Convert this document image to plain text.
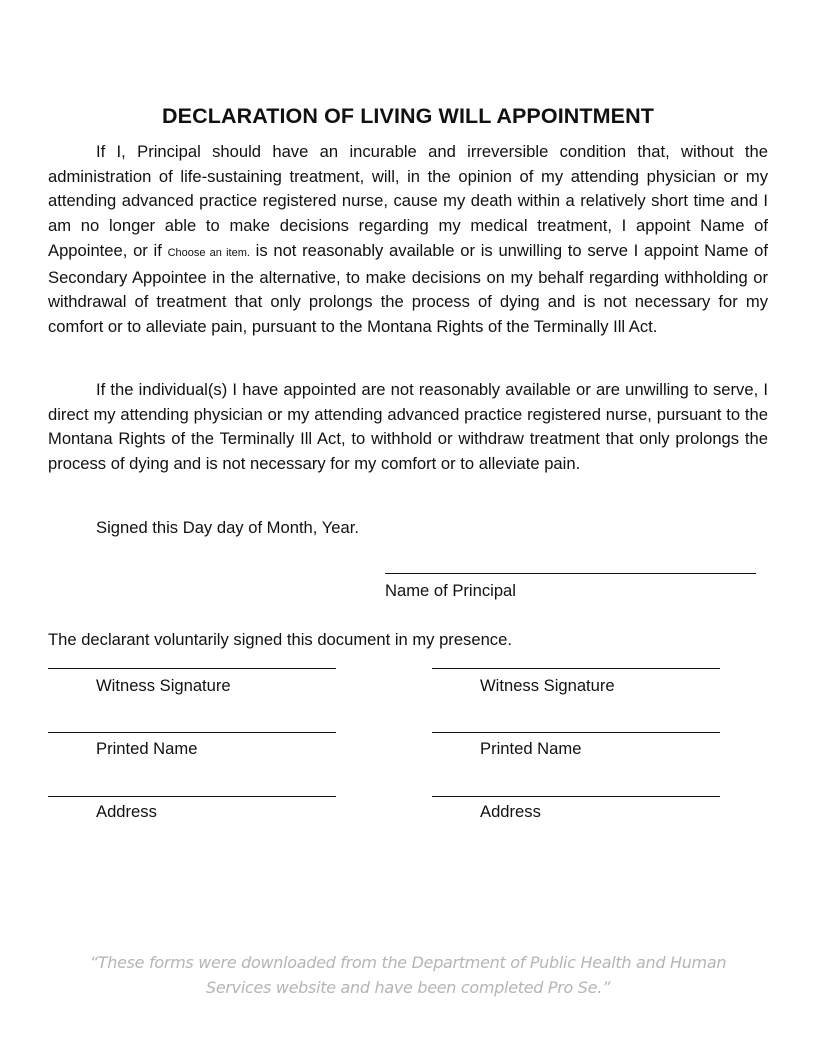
DECLARATION OF LIVING WILL APPOINTMENT

If I, Principal should have an incurable and irreversible condition that, without the administration of life-sustaining treatment, will, in the opinion of my attending physician or my attending advanced practice registered nurse, cause my death within a relatively short time and I am no longer able to make decisions regarding my medical treatment, I appoint Name of Appointee, or if Choose an item. is not reasonably available or is unwilling to serve I appoint Name of Secondary Appointee in the alternative, to make decisions on my behalf regarding withholding or withdrawal of treatment that only prolongs the process of dying and is not necessary for my comfort or to alleviate pain, pursuant to the Montana Rights of the Terminally Ill Act.

If the individual(s) I have appointed are not reasonably available or are unwilling to serve, I direct my attending physician or my attending advanced practice registered nurse, pursuant to the Montana Rights of the Terminally Ill Act, to withhold or withdraw treatment that only prolongs the process of dying and is not necessary for my comfort or to alleviate pain.

Signed this Day day of Month, Year.
Name of Principal
The declarant voluntarily signed this document in my presence.
Witness Signature
Printed Name
Address
Witness Signature
Printed Name
Address
“These forms were downloaded from the Department of Public Health and Human
Services website and have been completed Pro Se.”
